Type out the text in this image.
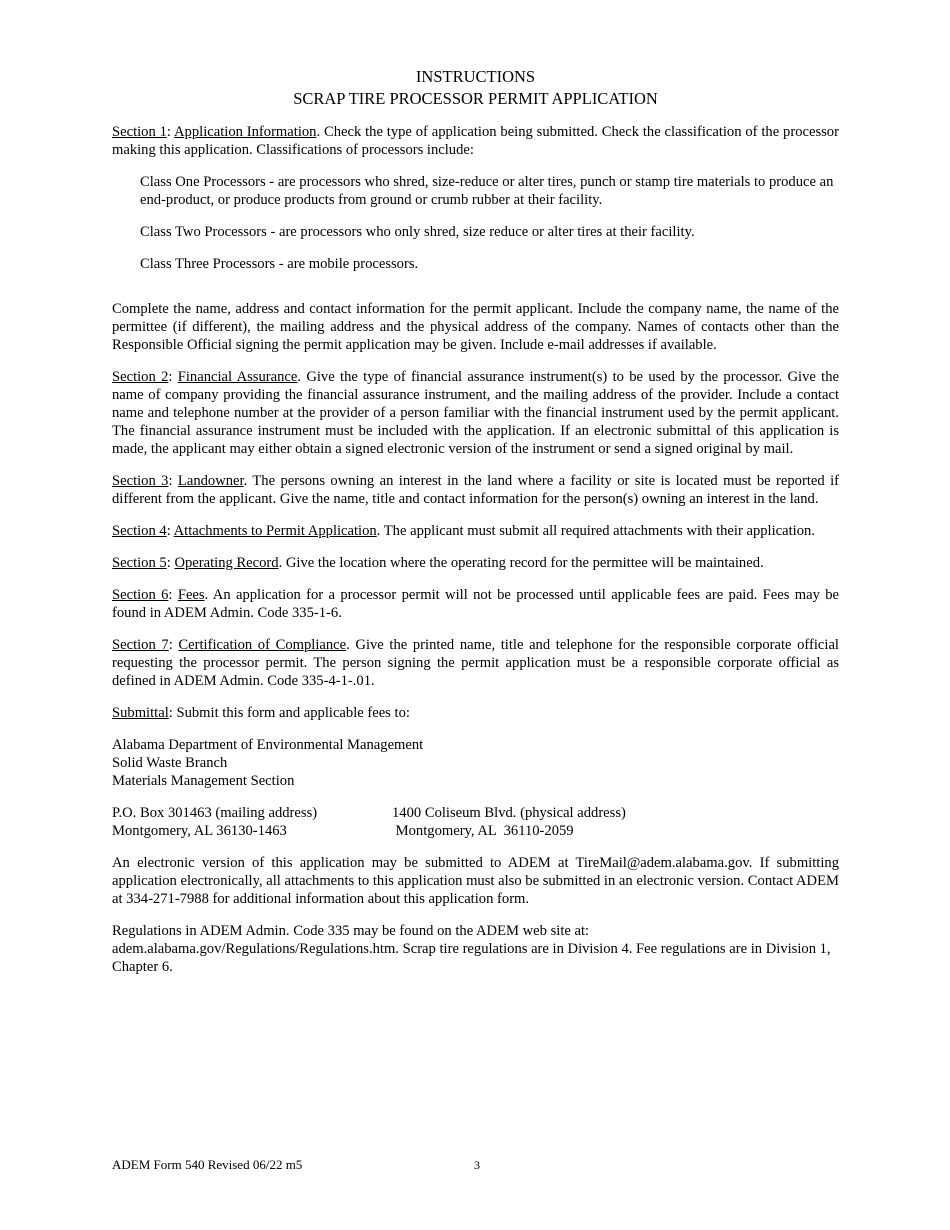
INSTRUCTIONS
SCRAP TIRE PROCESSOR PERMIT APPLICATION

Section 1: Application Information. Check the type of application being submitted. Check the classification of the processor making this application. Classifications of processors include:

Class One Processors - are processors who shred, size-reduce or alter tires, punch or stamp tire materials to produce an end-product, or produce products from ground or crumb rubber at their facility.

Class Two Processors - are processors who only shred, size reduce or alter tires at their facility.

Class Three Processors - are mobile processors.

Complete the name, address and contact information for the permit applicant. Include the company name, the name of the permittee (if different), the mailing address and the physical address of the company. Names of contacts other than the Responsible Official signing the permit application may be given. Include e-mail addresses if available.

Section 2: Financial Assurance. Give the type of financial assurance instrument(s) to be used by the processor. Give the name of company providing the financial assurance instrument, and the mailing address of the provider. Include a contact name and telephone number at the provider of a person familiar with the financial instrument used by the permit applicant. The financial assurance instrument must be included with the application. If an electronic submittal of this application is made, the applicant may either obtain a signed electronic version of the instrument or send a signed original by mail.

Section 3: Landowner. The persons owning an interest in the land where a facility or site is located must be reported if different from the applicant. Give the name, title and contact information for the person(s) owning an interest in the land.

Section 4: Attachments to Permit Application. The applicant must submit all required attachments with their application.

Section 5: Operating Record. Give the location where the operating record for the permittee will be maintained.

Section 6: Fees. An application for a processor permit will not be processed until applicable fees are paid. Fees may be found in ADEM Admin. Code 335-1-6.

Section 7: Certification of Compliance. Give the printed name, title and telephone for the responsible corporate official requesting the processor permit. The person signing the permit application must be a responsible corporate official as defined in ADEM Admin. Code 335-4-1-.01.

Submittal: Submit this form and applicable fees to:

Alabama Department of Environmental Management
Solid Waste Branch
Materials Management Section
P.O. Box 301463 (mailing address)	1400 Coliseum Blvd. (physical address)
Montgomery, AL 36130-1463	Montgomery, AL  36110-2059

An electronic version of this application may be submitted to ADEM at TireMail@adem.alabama.gov. If submitting application electronically, all attachments to this application must also be submitted in an electronic version. Contact ADEM at 334-271-7988 for additional information about this application form.

Regulations in ADEM Admin. Code 335 may be found on the ADEM web site at:
adem.alabama.gov/Regulations/Regulations.htm. Scrap tire regulations are in Division 4. Fee regulations are in Division 1, Chapter 6.
ADEM Form 540 Revised 06/22 m5	3
